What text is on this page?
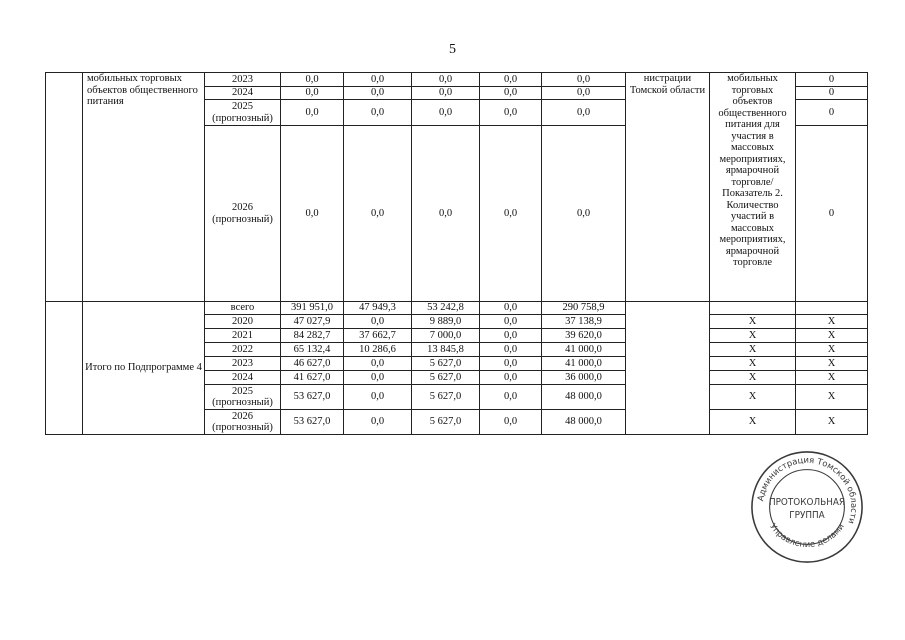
5
	мобильных торговых объектов общественного питания	2023	0,0	0,0	0,0	0,0	0,0	нистрации Томской области	мобильных торговых объектов общественного питания для участия в массовых мероприятиях, ярмарочной торговле/ Показатель 2. Количество участий в массовых мероприятиях, ярмарочной торговле	0
		2024	0,0	0,0	0,0	0,0	0,0			0
		2025 (прогнозный)	0,0	0,0	0,0	0,0	0,0			0
		2026 (прогнозный)	0,0	0,0	0,0	0,0	0,0			0
	Итого по Подпрограмме 4	всего	391 951,0	47 949,3	53 242,8	0,0	290 758,9			
		2020	47 027,9	0,0	9 889,0	0,0	37 138,9		X	X
		2021	84 282,7	37 662,7	7 000,0	0,0	39 620,0		X	X
		2022	65 132,4	10 286,6	13 845,8	0,0	41 000,0		X	X
		2023	46 627,0	0,0	5 627,0	0,0	41 000,0		X	X
		2024	41 627,0	0,0	5 627,0	0,0	36 000,0		X	X
		2025 (прогнозный)	53 627,0	0,0	5 627,0	0,0	48 000,0		X	X
		2026 (прогнозный)	53 627,0	0,0	5 627,0	0,0	48 000,0		X	X
Администрация Томской области
Управление делами
ПРОТОКОЛЬНАЯ
ГРУППА
